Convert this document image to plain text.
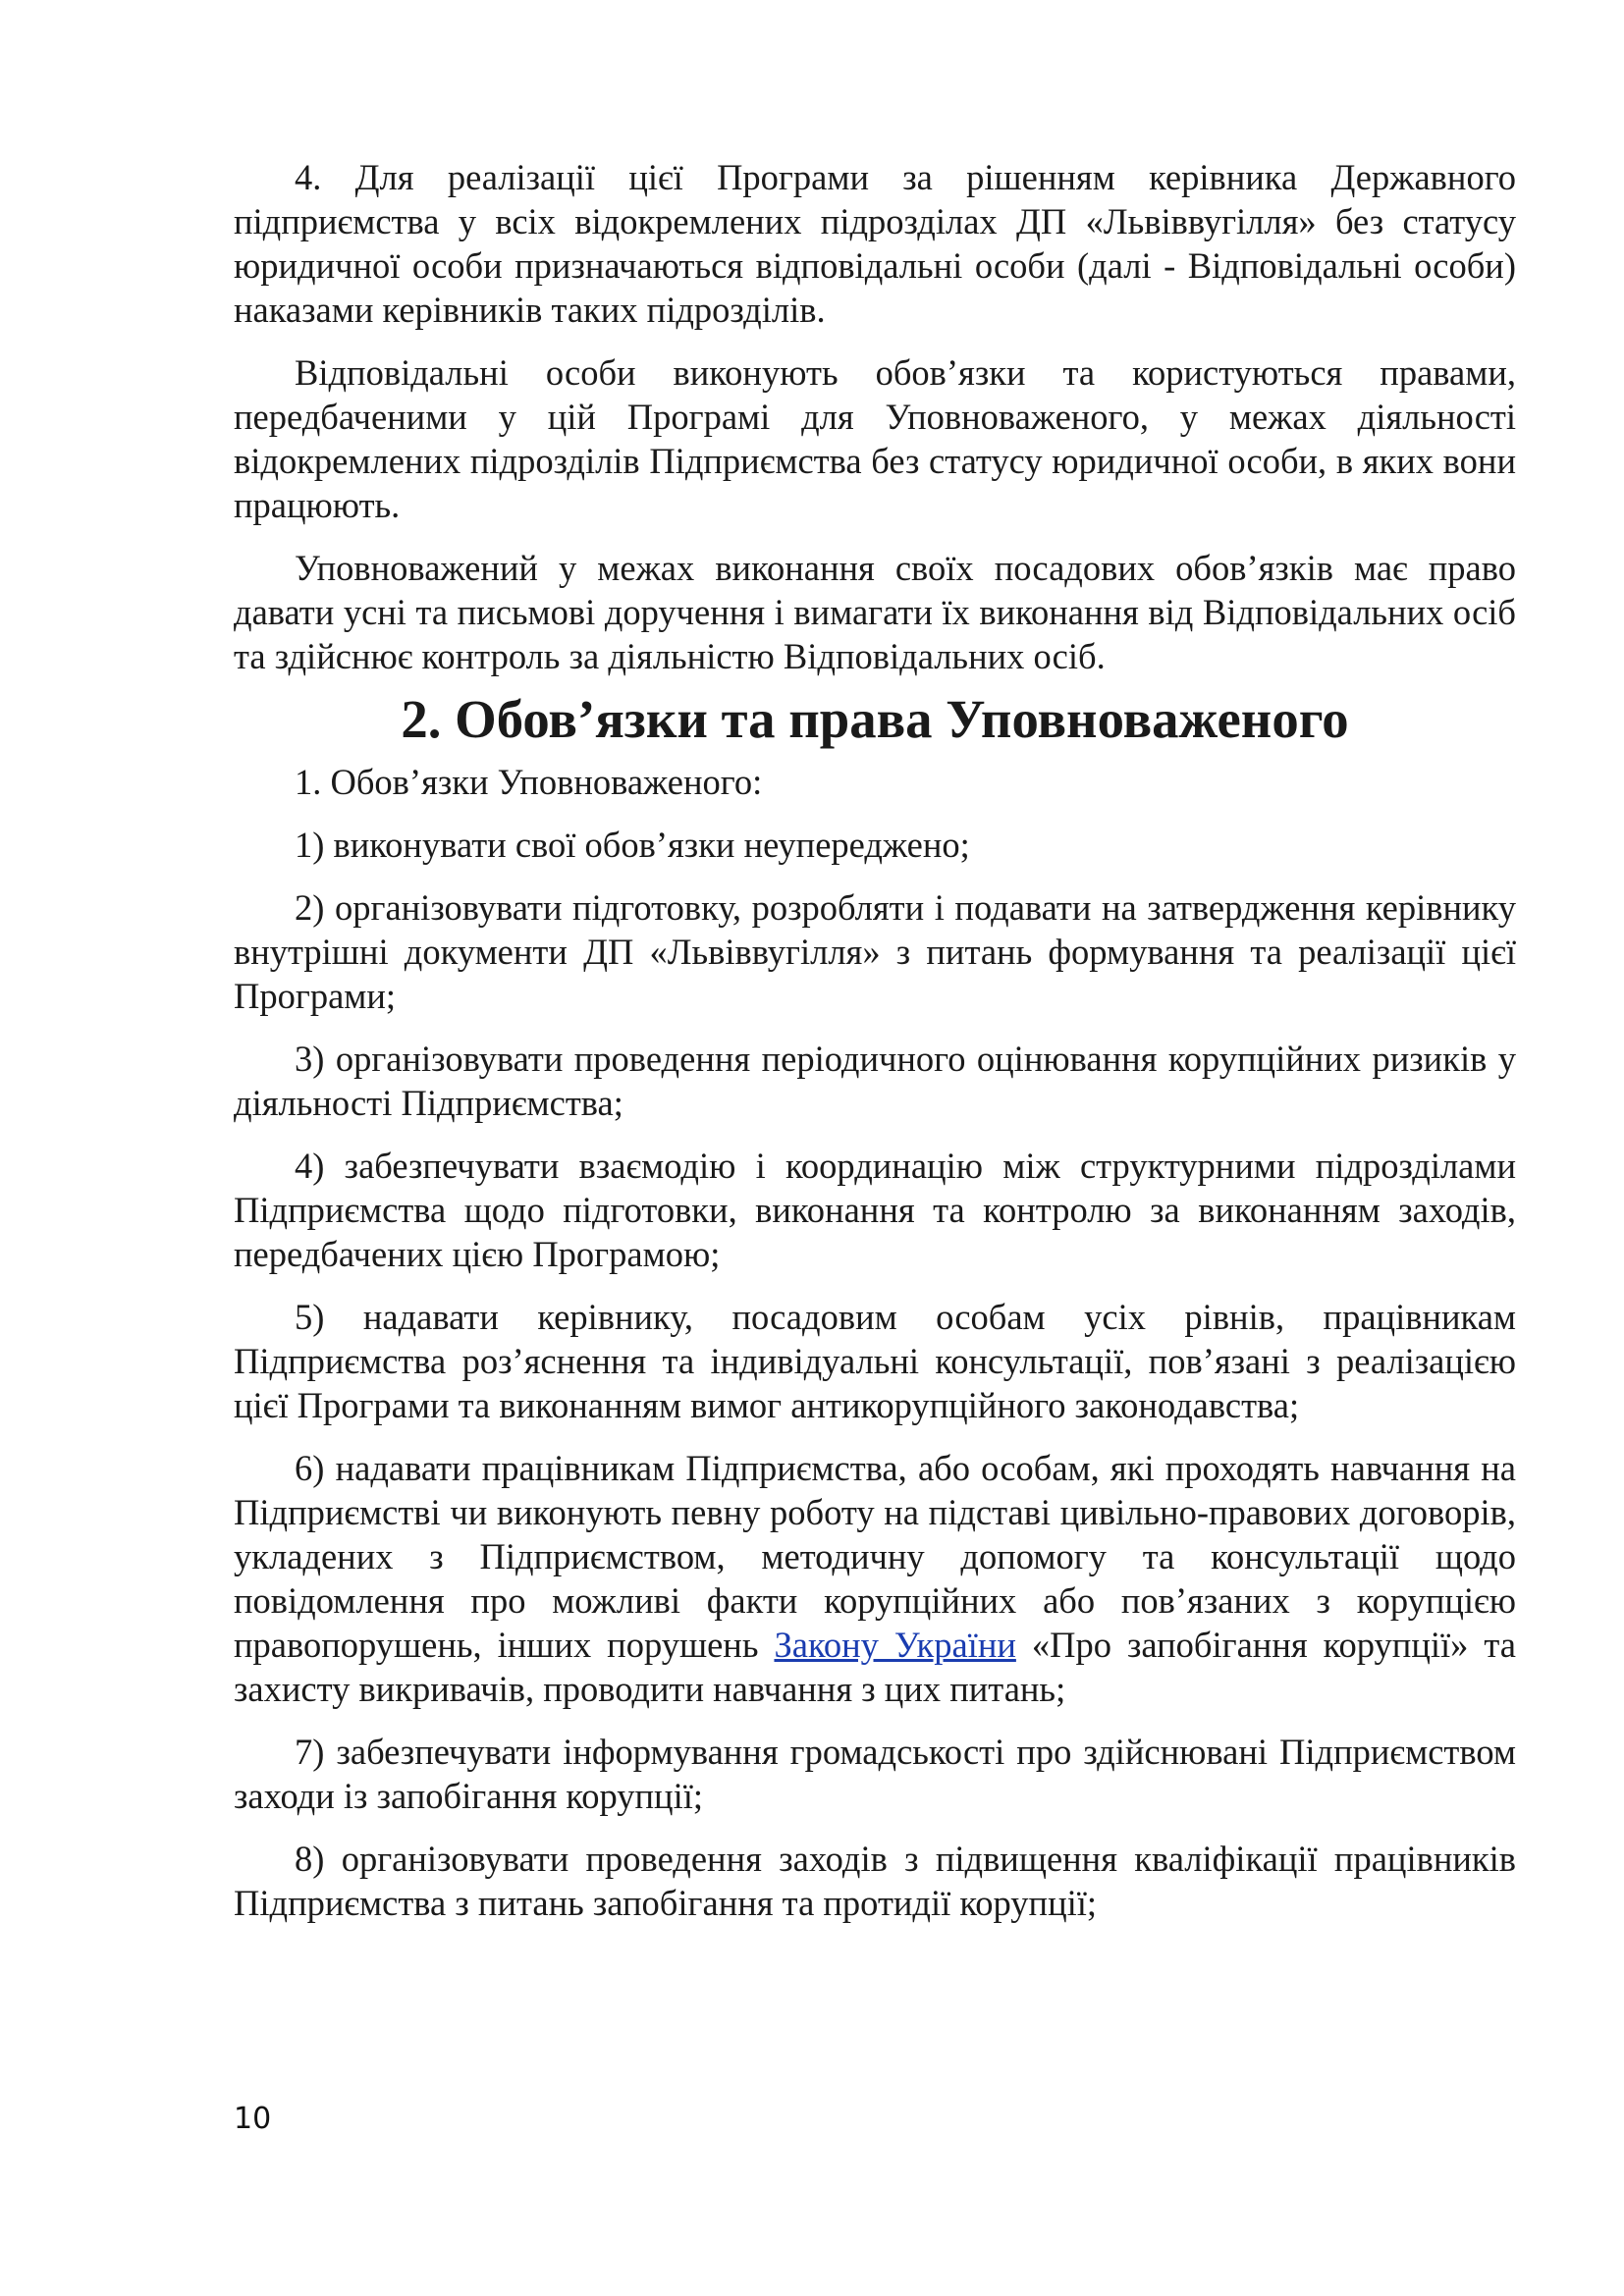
4. Для реалізації цієї Програми за рішенням керівника Державного підприємства у всіх відокремлених підрозділах ДП «Львіввугілля» без статусу юридичної особи призначаються відповідальні особи (далі - Відповідальні особи) наказами керівників таких підрозділів.

Відповідальні особи виконують обов’язки та користуються правами, передбаченими у цій Програмі для Уповноваженого, у межах діяльності відокремлених підрозділів Підприємства без статусу юридичної особи, в яких вони працюють.

Уповноважений у межах виконання своїх посадових обов’язків має право давати усні та письмові доручення і вимагати їх виконання від Відповідальних осіб та здійснює контроль за діяльністю Відповідальних осіб.

2. Обов’язки та права Уповноваженого

1. Обов’язки Уповноваженого:

1) виконувати свої обов’язки неупереджено;

2) організовувати підготовку, розробляти і подавати на затвердження керівнику внутрішні документи ДП «Львіввугілля» з питань формування та реалізації цієї Програми;

3) організовувати проведення періодичного оцінювання корупційних ризиків у діяльності Підприємства;

4) забезпечувати взаємодію і координацію між структурними підрозділами Підприємства щодо підготовки, виконання та контролю за виконанням заходів, передбачених цією Програмою;

5) надавати керівнику, посадовим особам усіх рівнів, працівникам Підприємства роз’яснення та індивідуальні консультації, пов’язані з реалізацією цієї Програми та виконанням вимог антикорупційного законодавства;

6) надавати працівникам Підприємства, або особам, які проходять навчання на Підприємстві чи виконують певну роботу на підставі цивільно-правових договорів, укладених з Підприємством, методичну допомогу та консультації щодо повідомлення про можливі факти корупційних або пов’язаних з корупцією правопорушень, інших порушень Закону України «Про запобігання корупції» та захисту викривачів, проводити навчання з цих питань;

7) забезпечувати інформування громадськості про здійснювані Підприємством заходи із запобігання корупції;

8) організовувати проведення заходів з підвищення кваліфікації працівників Підприємства з питань запобігання та протидії корупції;

10
